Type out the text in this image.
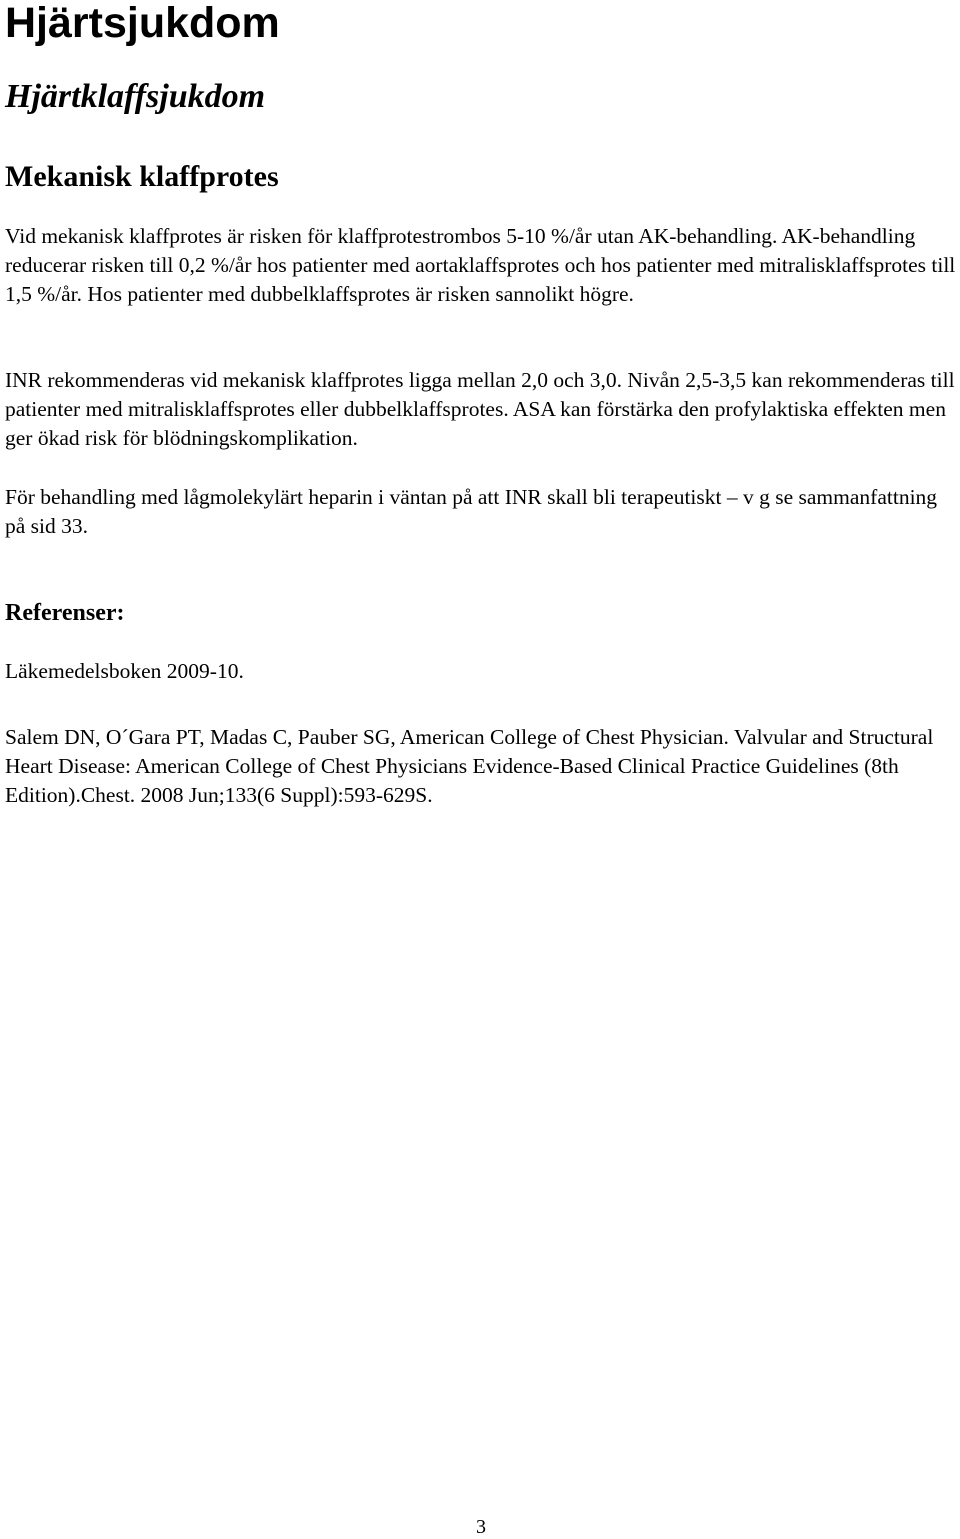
Hjärtsjukdom
Hjärtklaffsjukdom
Mekanisk klaffprotes

Vid mekanisk klaffprotes är risken för klaffprotestrombos 5-10 %/år utan AK-behandling. AK-behandling reducerar risken till 0,2 %/år hos patienter med aortaklaffsprotes och hos patienter med mitralisklaffsprotes till 1,5 %/år. Hos patienter med dubbelklaffsprotes är risken sannolikt högre.

INR rekommenderas vid mekanisk klaffprotes ligga mellan 2,0 och 3,0. Nivån 2,5-3,5 kan rekommenderas till patienter med mitralisklaffsprotes eller dubbelklaffsprotes. ASA kan förstärka den profylaktiska effekten men ger ökad risk för blödningskomplikation.

För behandling med lågmolekylärt heparin i väntan på att INR skall bli terapeutiskt – v g se sammanfattning på sid 33.

Referenser:

Läkemedelsboken 2009-10.

Salem DN, O´Gara PT, Madas C, Pauber SG, American College of Chest Physician. Valvular and Structural Heart Disease: American College of Chest Physicians Evidence-Based Clinical Practice Guidelines (8th Edition).Chest. 2008 Jun;133(6 Suppl):593-629S.

3
